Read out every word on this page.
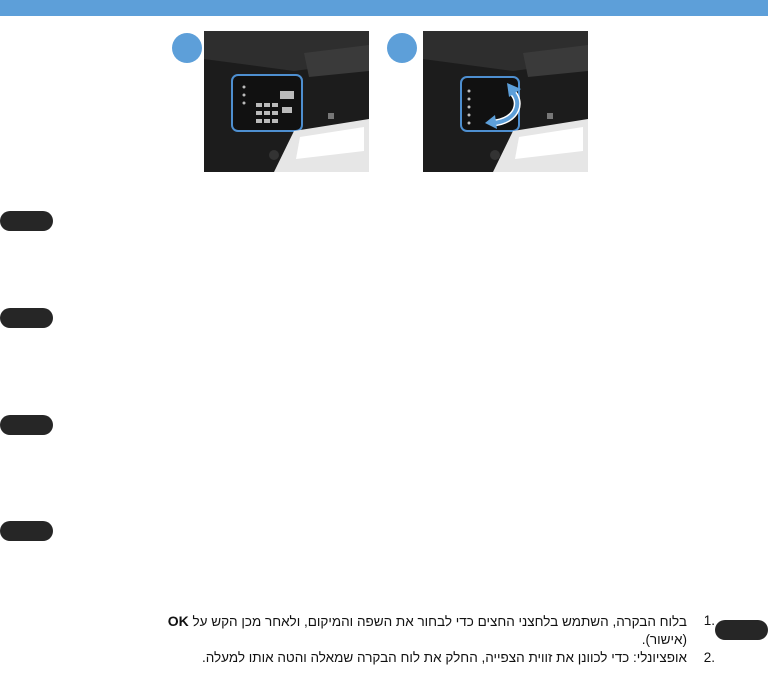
1.
בלוח הבקרה, השתמש בלחצני החצים כדי לבחור את השפה והמיקום, ולאחר מכן הקש על OK
(אישור).

2.
אופציונלי: כדי לכוונן את זווית הצפייה, החלק את לוח הבקרה שמאלה והטה אותו למעלה.
